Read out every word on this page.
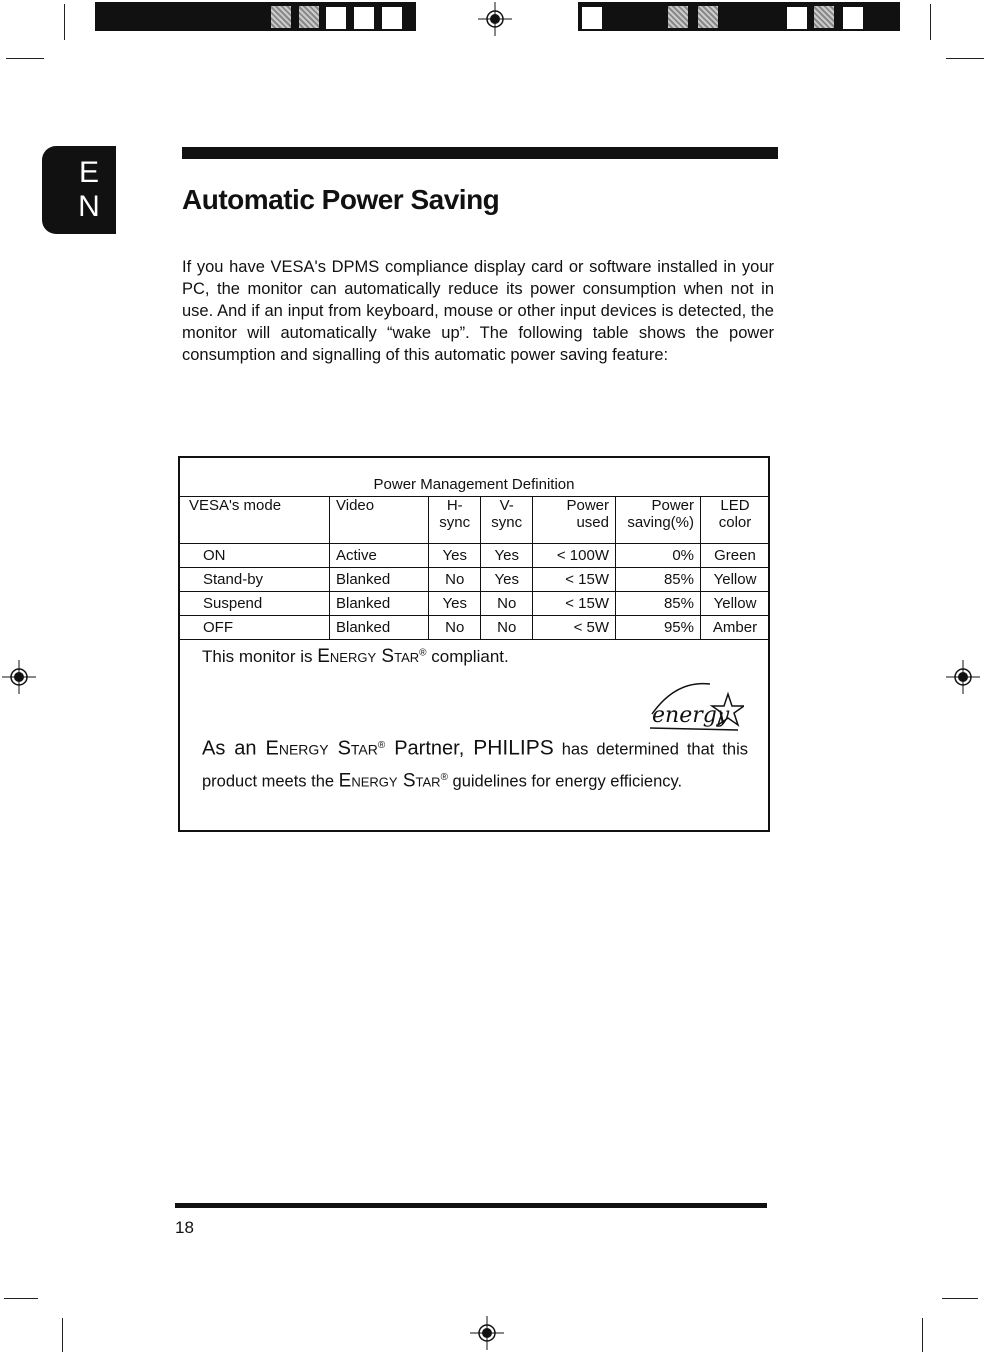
E
N	Automatic Power Saving

If you have VESA's DPMS compliance display card or software installed in your PC, the monitor can automatically reduce its power consumption when not in use. And if an input from keyboard, mouse or other input devices is detected, the monitor will automatically “wake up”. The following table shows the power consumption and signalling of this automatic power saving feature:

Power Management Definition
VESA's mode	Video	H-sync	V-sync	Power used	Power saving(%)	LED color
ON	Active	Yes	Yes	< 100W	0%	Green
Stand-by	Blanked	No	Yes	< 15W	85%	Yellow
Suspend	Blanked	Yes	No	< 15W	85%	Yellow
OFF	Blanked	No	No	< 5W	95%	Amber

This monitor is Energy Star® compliant.

energy

As an Energy Star® Partner, PHILIPS has determined that this product meets the Energy Star® guidelines for energy efficiency.

18
